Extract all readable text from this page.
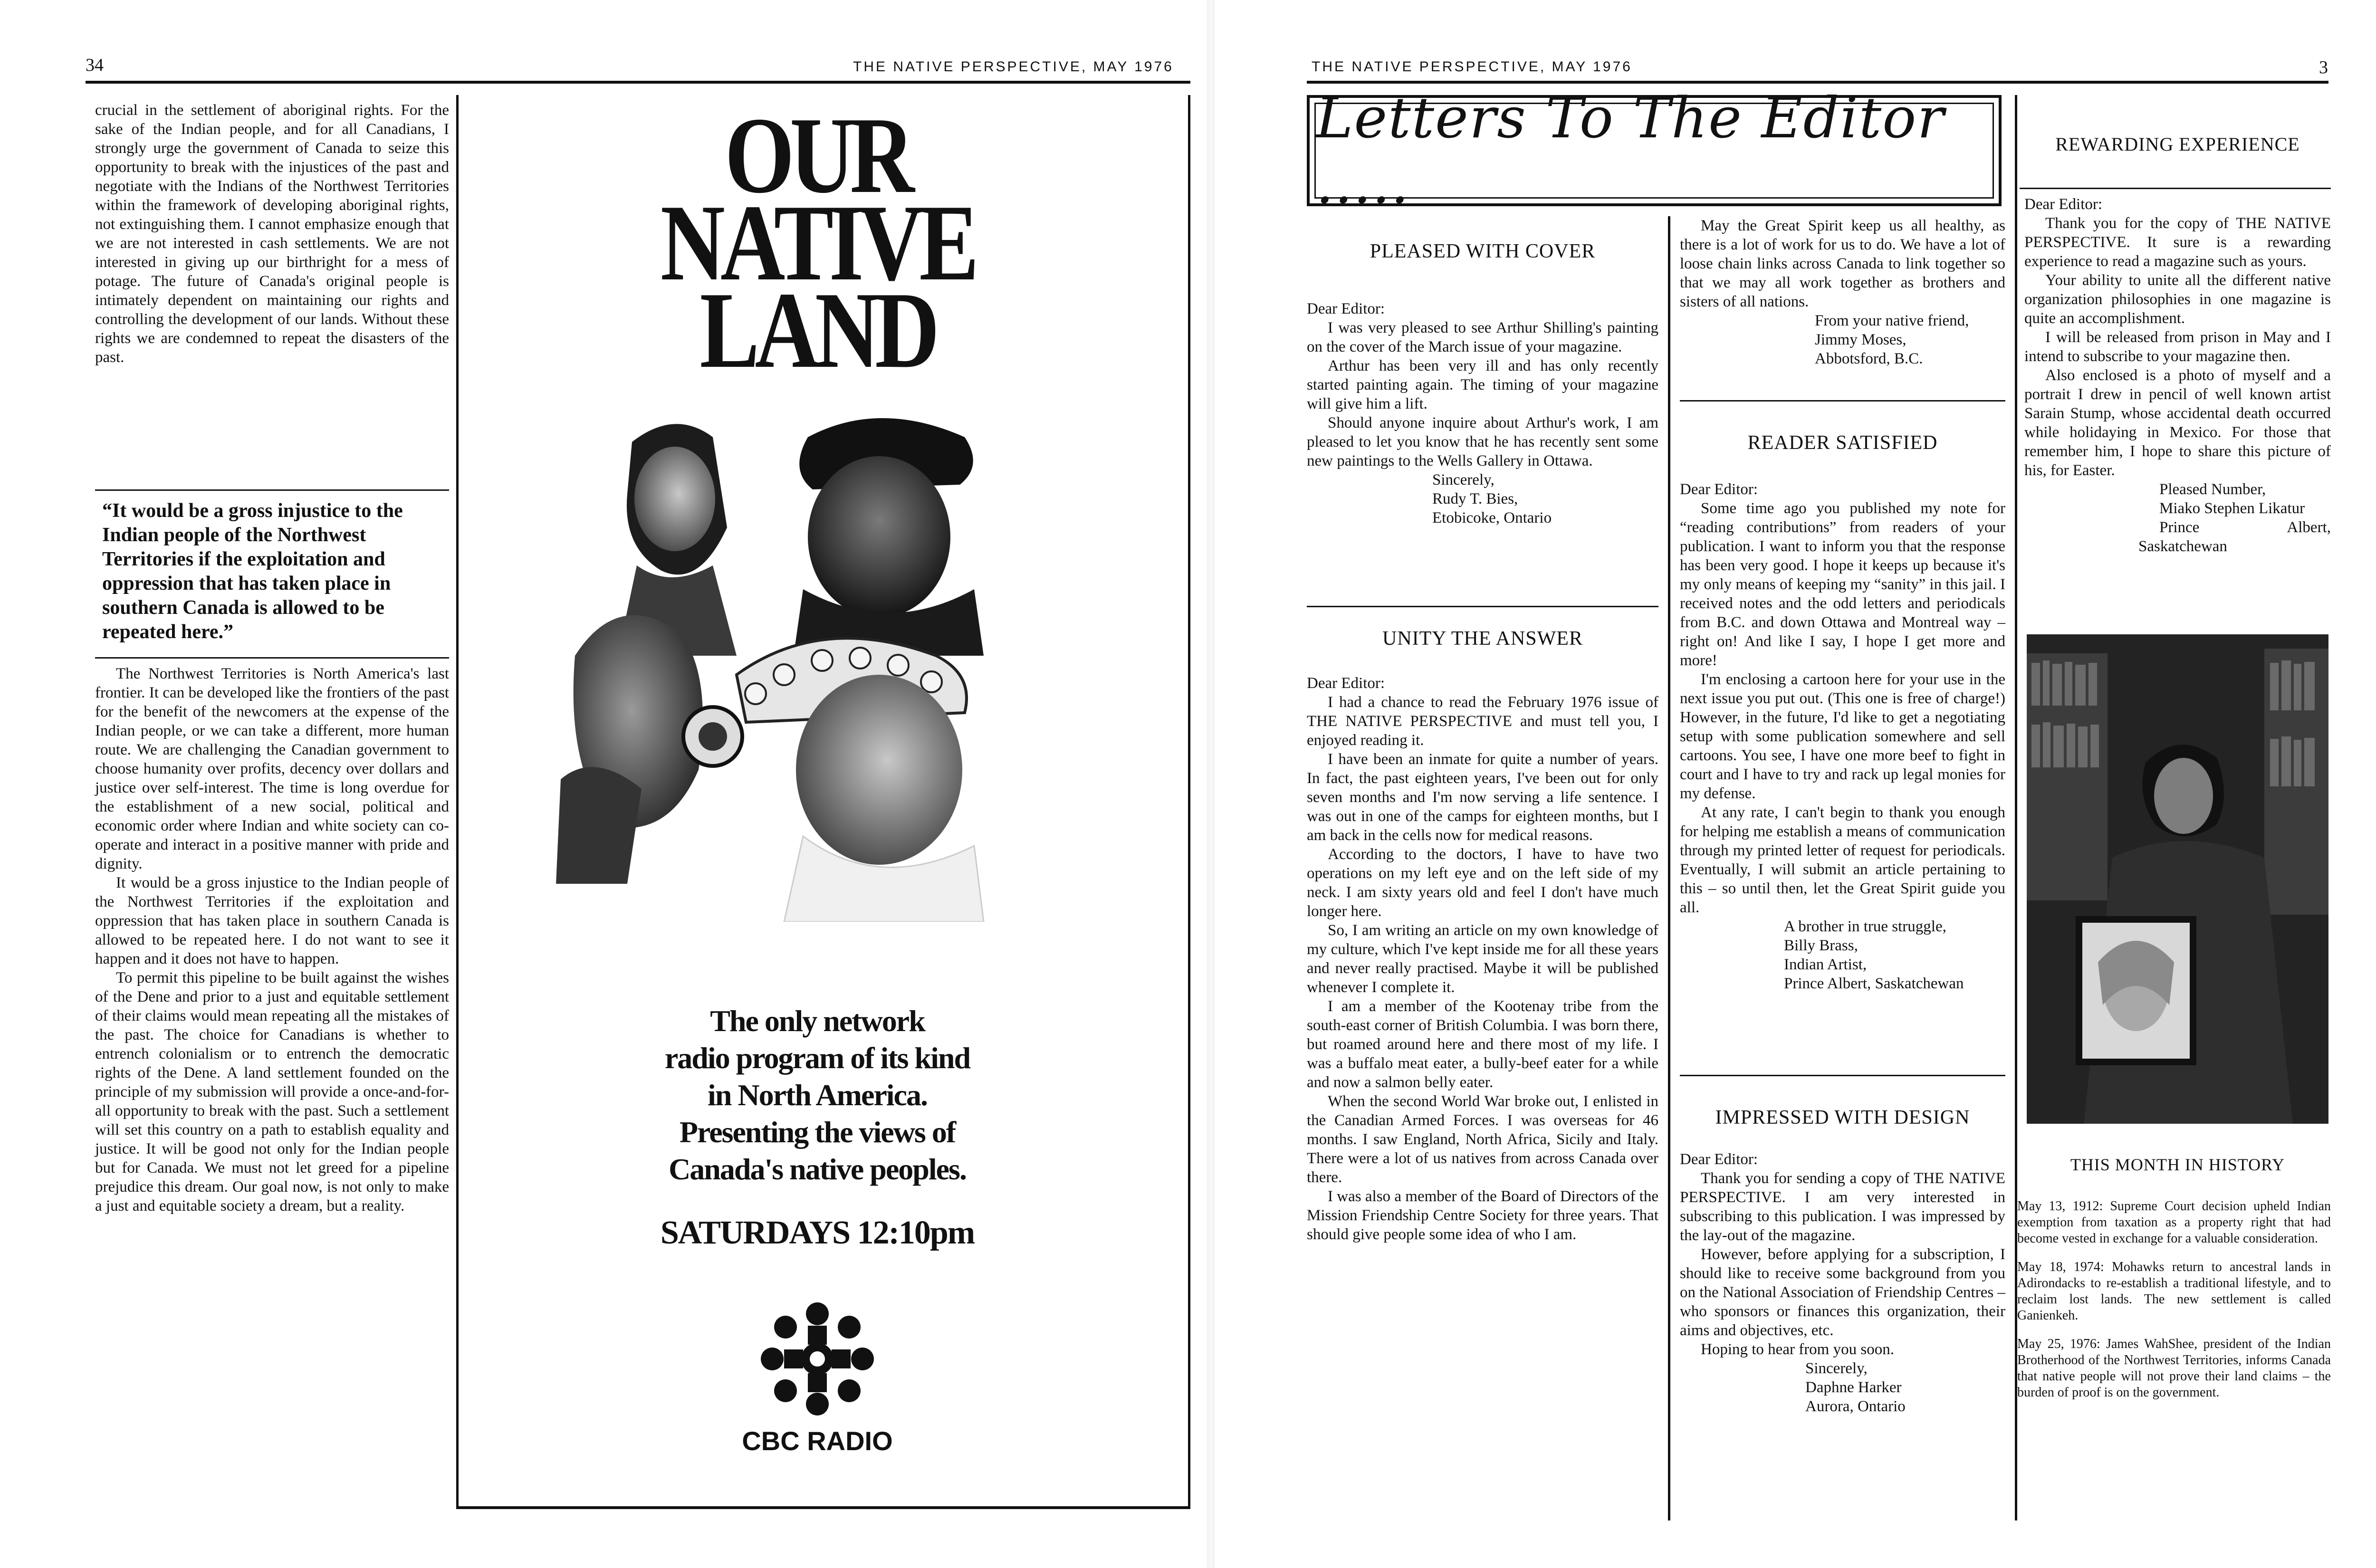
34	THE NATIVE PERSPECTIVE, MAY 1976

crucial in the settlement of aboriginal rights. For the sake of the Indian people, and for all Canadians, I strongly urge the government of Canada to seize this opportunity to break with the injustices of the past and negotiate with the Indians of the Northwest Territories within the framework of developing aboriginal rights, not extinguishing them. I cannot emphasize enough that we are not interested in cash settlements. We are not interested in giving up our birthright for a mess of potage. The future of Canada's original people is intimately dependent on maintaining our rights and controlling the development of our lands. Without these rights we are condemned to repeat the disasters of the past.

“It would be a gross injustice to the Indian people of the Northwest Territories if the exploitation and oppression that has taken place in southern Canada is allowed to be repeated here.”

The Northwest Territories is North America's last frontier. It can be developed like the frontiers of the past for the benefit of the newcomers at the expense of the Indian people, or we can take a different, more human route. We are challenging the Canadian government to choose humanity over profits, decency over dollars and justice over self-interest. The time is long overdue for the establishment of a new social, political and economic order where Indian and white society can co-operate and interact in a positive manner with pride and dignity.

It would be a gross injustice to the Indian people of the Northwest Territories if the exploitation and oppression that has taken place in southern Canada is allowed to be repeated here. I do not want to see it happen and it does not have to happen.

To permit this pipeline to be built against the wishes of the Dene and prior to a just and equitable settlement of their claims would mean repeating all the mistakes of the past. The choice for Canadians is whether to entrench colonialism or to entrench the democratic rights of the Dene. A land settlement founded on the principle of my submission will provide a once-and-for-all opportunity to break with the past. Such a settlement will set this country on a path to establish equality and justice. It will be good not only for the Indian people but for Canada. We must not let greed for a pipeline prejudice this dream. Our goal now, is not only to make a just and equitable society a dream, but a reality.

OUR
NATIVE
LAND
The only network
radio program of its kind
in North America.
Presenting the views of
Canada's native peoples.
SATURDAYS 12:10pm
CBC RADIO
THE NATIVE PERSPECTIVE, MAY 1976	3
Letters To The Editor .....
PLEASED WITH COVER

Dear Editor:

I was very pleased to see Arthur Shilling's painting on the cover of the March issue of your magazine.

Arthur has been very ill and has only recently started painting again. The timing of your magazine will give him a lift.

Should anyone inquire about Arthur's work, I am pleased to let you know that he has recently sent some new paintings to the Wells Gallery in Ottawa.

Sincerely,

Rudy T. Bies,

Etobicoke, Ontario

UNITY THE ANSWER

Dear Editor:

I had a chance to read the February 1976 issue of THE NATIVE PERSPECTIVE and must tell you, I enjoyed reading it.

I have been an inmate for quite a number of years. In fact, the past eighteen years, I've been out for only seven months and I'm now serving a life sentence. I was out in one of the camps for eighteen months, but I am back in the cells now for medical reasons.

According to the doctors, I have to have two operations on my left eye and on the left side of my neck. I am sixty years old and feel I don't have much longer here.

So, I am writing an article on my own knowledge of my culture, which I've kept inside me for all these years and never really practised. Maybe it will be published whenever I complete it.

I am a member of the Kootenay tribe from the south-east corner of British Columbia. I was born there, but roamed around here and there most of my life. I was a buffalo meat eater, a bully-beef eater for a while and now a salmon belly eater.

When the second World War broke out, I enlisted in the Canadian Armed Forces. I was overseas for 46 months. I saw England, North Africa, Sicily and Italy. There were a lot of us natives from across Canada over there.

I was also a member of the Board of Directors of the Mission Friendship Centre Society for three years. That should give people some idea of who I am.

May the Great Spirit keep us all healthy, as there is a lot of work for us to do. We have a lot of loose chain links across Canada to link together so that we may all work together as brothers and sisters of all nations.

From your native friend,

Jimmy Moses,

Abbotsford, B.C.

READER SATISFIED

Dear Editor:

Some time ago you published my note for “reading contributions” from readers of your publication. I want to inform you that the response has been very good. I hope it keeps up because it's my only means of keeping my “sanity” in this jail. I received notes and the odd letters and periodicals from B.C. and down Ottawa and Montreal way – right on! And like I say, I hope I get more and more!

I'm enclosing a cartoon here for your use in the next issue you put out. (This one is free of charge!) However, in the future, I'd like to get a negotiating setup with some publication somewhere and sell cartoons. You see, I have one more beef to fight in court and I have to try and rack up legal monies for my defense.

At any rate, I can't begin to thank you enough for helping me establish a means of communication through my printed letter of request for periodicals. Eventually, I will submit an article pertaining to this – so until then, let the Great Spirit guide you all.

A brother in true struggle,

Billy Brass,

Indian Artist,

Prince Albert, Saskatchewan

IMPRESSED WITH DESIGN

Dear Editor:

Thank you for sending a copy of THE NATIVE PERSPECTIVE. I am very interested in subscribing to this publication. I was impressed by the lay-out of the magazine.

However, before applying for a subscription, I should like to receive some background from you on the National Association of Friendship Centres – who sponsors or finances this organization, their aims and objectives, etc.

Hoping to hear from you soon.

Sincerely,

Daphne Harker

Aurora, Ontario

REWARDING EXPERIENCE

Dear Editor:

Thank you for the copy of THE NATIVE PERSPECTIVE. It sure is a rewarding experience to read a magazine such as yours.

Your ability to unite all the different native organization philosophies in one magazine is quite an accomplishment.

I will be released from prison in May and I intend to subscribe to your magazine then.

Also enclosed is a photo of myself and a portrait I drew in pencil of well known artist Sarain Stump, whose accidental death occurred while holidaying in Mexico. For those that remember him, I hope to share this picture of his, for Easter.

Pleased Number,

Miako Stephen Likatur

Prince Albert, Saskatchewan

THIS MONTH IN HISTORY

May 13, 1912: Supreme Court decision upheld Indian exemption from taxation as a property right that had become vested in exchange for a valuable consideration.

May 18, 1974: Mohawks return to ancestral lands in Adirondacks to re-establish a traditional lifestyle, and to reclaim lost lands. The new settlement is called Ganienkeh.

May 25, 1976: James WahShee, president of the Indian Brotherhood of the Northwest Territories, informs Canada that native people will not prove their land claims – the burden of proof is on the government.
